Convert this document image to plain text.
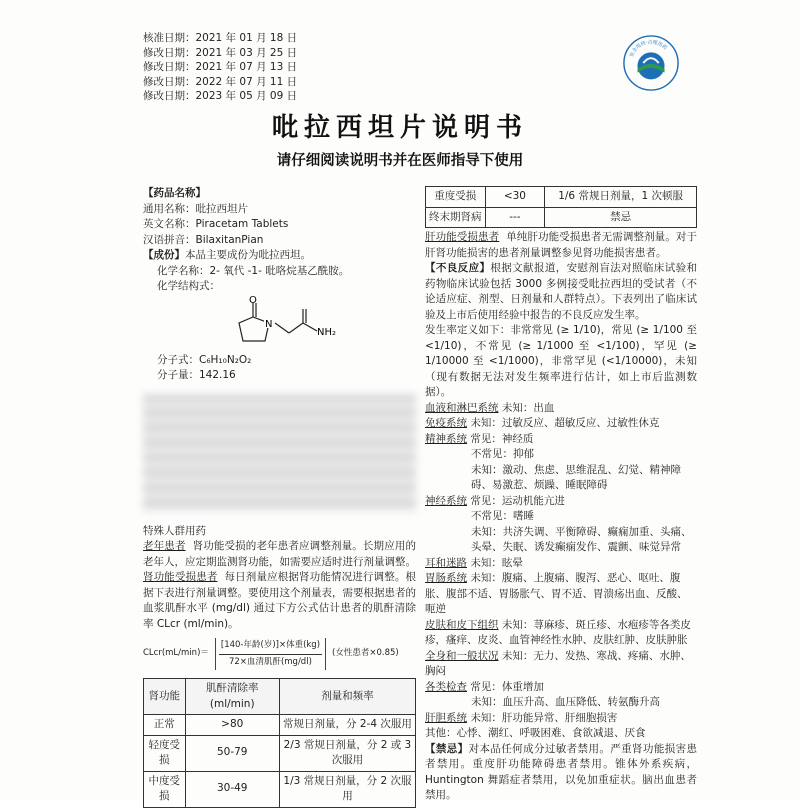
核准日期：2021 年 01 月 18 日
修改日期：2021 年 03 月 25 日
修改日期：2021 年 07 月 13 日
修改日期：2022 年 07 月 11 日
修改日期：2023 年 05 月 09 日
安全用药·合理用药
吡拉西坦片说明书
请仔细阅读说明书并在医师指导下使用
【药品名称】
通用名称：吡拉西坦片
英文名称：Piracetam Tablets
汉语拼音：BilaxitanPian
【成份】本品主要成份为吡拉西坦。
化学名称：2- 氧代 -1- 吡咯烷基乙酰胺。
化学结构式：
O
N
NH₂
分子式：C₆H₁₀N₂O₂
分子量：142.16
特殊人群用药
老年患者 肾功能受损的老年患者应调整剂量。长期应用的老年人，应定期监测肾功能，如需要应适时进行剂量调整。
肾功能受损患者 每日剂量应根据肾功能情况进行调整。根据下表进行剂量调整。要使用这个剂量表，需要根据患者的血浆肌酐水平 (mg/dl) 通过下方公式估计患者的肌酐清除率 CLcr (ml/min)。
CLcr(mL/min)＝ $\frac{\text{[140-年龄(岁)]×体重(kg)}}{\text{72×血清肌酐(mg/dl)}}$ (女性患者×0.85)
肾功能	肌酐清除率 (ml/min)	剂量和频率
正常	>80	常规日剂量，分 2-4 次服用
轻度受损	50-79	2/3 常规日剂量，分 2 或 3 次服用
中度受损	30-49	1/3 常规日剂量，分 2 次服用
重度受损	<30	1/6 常规日剂量，1 次顿服
终末期肾病	---	禁忌
肝功能受损患者 单纯肝功能受损患者无需调整剂量。对于肝肾功能损害的患者剂量调整参见肾功能损害患者。
【不良反应】根据文献报道，安慰剂盲法对照临床试验和药物临床试验包括 3000 多例接受吡拉西坦的受试者（不论适应症、剂型、日剂量和人群特点）。下表列出了临床试验及上市后使用经验中报告的不良反应发生率。
发生率定义如下：非常常见 (≥ 1/10)，常见 (≥ 1/100 至 <1/10)，不常见 (≥ 1/1000 至 <1/100)，罕见 (≥ 1/10000 至 <1/1000)，非常罕见 (<1/10000)，未知（现有数据无法对发生频率进行估计，如上市后监测数据）。
血液和淋巴系统 未知：出血
免疫系统 未知：过敏反应、超敏反应、过敏性休克
精神系统 常见：神经质
不常见：抑郁
未知：激动、焦虑、思维混乱、幻觉、精神障碍、易激惹、烦躁、睡眠障碍
神经系统 常见：运动机能亢进
不常见：嗜睡
未知：共济失调、平衡障碍、癫痫加重、头痛、头晕、失眠、诱发癫痫发作、震颤、味觉异常
耳和迷路 未知：眩晕
胃肠系统 未知：腹痛、上腹痛、腹泻、恶心、呕吐、腹胀、腹部不适、胃肠胀气、胃不适、胃溃疡出血、反酸、呃逆
皮肤和皮下组织 未知：荨麻疹、斑丘疹、水疱疹等各类皮疹，瘙痒、皮炎、血管神经性水肿、皮肤红肿、皮肤肿胀
全身和一般状况 未知：无力、发热、寒战、疼痛、水肿、胸闷
各类检查 常见：体重增加
未知：血压升高、血压降低、转氨酶升高
肝胆系统 未知：肝功能异常、肝细胞损害
其他：心悸、潮红、呼吸困难、食欲减退、厌食
【禁忌】对本品任何成分过敏者禁用。严重肾功能损害患者禁用。重度肝功能障碍患者禁用。锥体外系疾病，Huntington 舞蹈症者禁用，以免加重症状。脑出血患者禁用。
